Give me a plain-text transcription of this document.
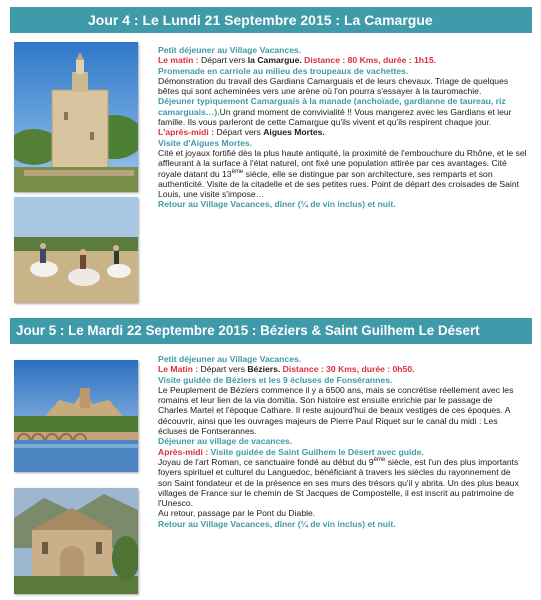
Jour 4 : Le Lundi 21 Septembre 2015 : La Camargue

Petit déjeuner au Village Vacances.

Le matin : Départ vers la Camargue. Distance : 80 Kms, durée : 1h15.

Promenade en carriole au milieu des troupeaux de vachettes.

Démonstration du travail des Gardians Camarguais et de leurs chevaux. Triage de quelques bêtes qui sont acheminées vers une arène où l'on pourra s'essayer à la tauromachie.

Déjeuner typiquement Camarguais à la manade (anchoïade, gardianne de taureau, riz camarguais…).Un grand moment de convivialité !! Vous mangerez avec les Gardians et leur famille. Ils vous parleront de cette Camargue qu'ils vivent et qu'ils respirent chaque jour.

L'après-midi : Départ vers Aigues Mortes.

Visite d'Aigues Mortes.

Cité et joyaux fortifié dès la plus haute antiquité, la proximité de l'embouchure du Rhône, et le sel affleurant à la surface à l'état naturel, ont fixé une population attirée par ces avantages. Cité royale datant du 13ème siècle, elle se distingue par son architecture, ses remparts et son authenticité. Visite de la citadelle et de ses petites rues. Point de départ des croisades de Saint Louis, une visite s'impose…

Retour au Village Vacances, dîner (¼ de vin inclus) et nuit.

Jour 5 : Le Mardi 22 Septembre 2015 : Béziers & Saint Guilhem Le Désert

Petit déjeuner au Village Vacances.

Le Matin : Départ vers Béziers. Distance : 30 Kms, durée : 0h50.

Visite guidée de Béziers et les 9 écluses de Fonsérannes.

Le Peuplement de Béziers commence il y a 6500 ans, mais se concrétise réellement avec les romains et leur lien de la via domitia. Son histoire est ensuite enrichie par le passage de Charles Martel et l'époque Cathare. Il reste aujourd'hui de beaux vestiges de ces époques. A découvrir, ainsi que les ouvrages majeurs de Pierre Paul Riquet sur le canal du midi : Les écluses de Fontserannes.

Déjeuner au village de vacances.

Après-midi : Visite guidée de Saint Guilhem le Désert avec guide.

Joyau de l'art Roman, ce sanctuaire fondé au début du 9ème siècle, est l'un des plus importants foyers spirituel et culturel du Languedoc, bénéficiant à travers les siècles du rayonnement de son Saint fondateur et de la présence en ses murs des trésors qu'il y abrita. Un des plus beaux villages de France sur le chemin de St Jacques de Compostelle, il est inscrit au patrimoine de l'Unesco.

Au retour, passage par le Pont du Diable.

Retour au Village Vacances, dîner (¼ de vin inclus) et nuit.
